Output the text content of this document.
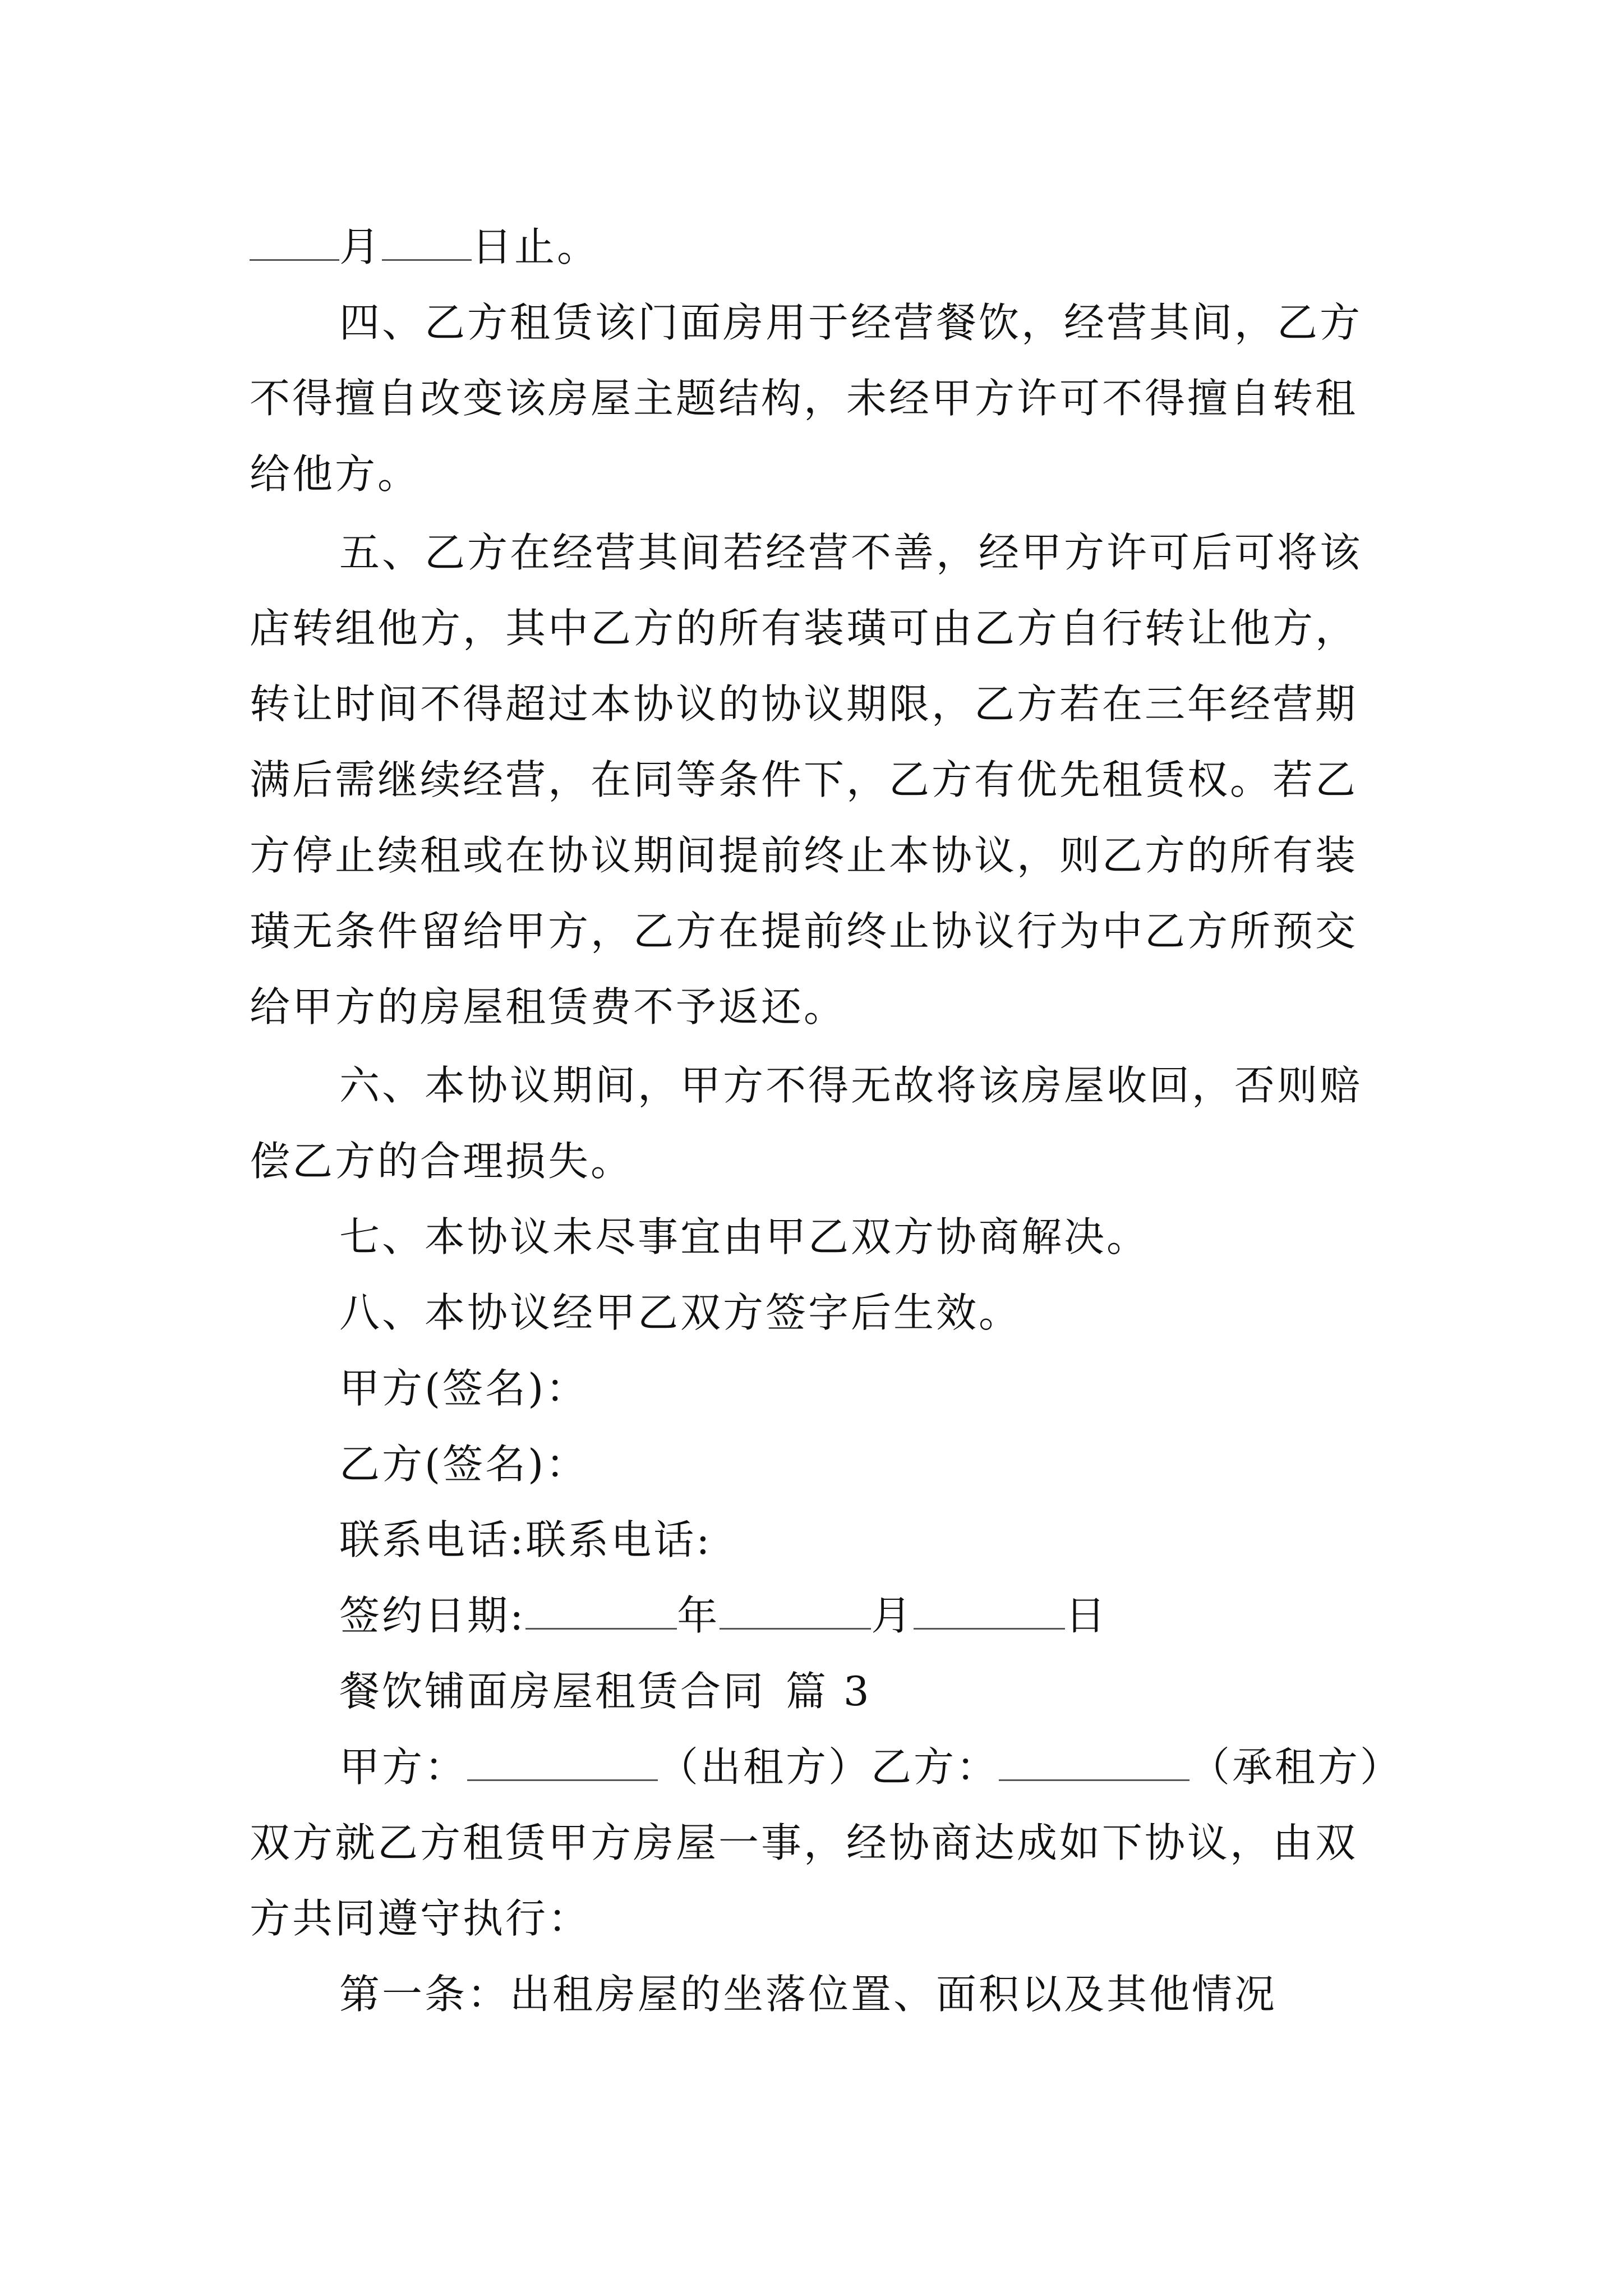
月 日止。
四、乙方租赁该门面房用于经营餐饮，经营其间，乙方
不得擅自改变该房屋主题结构，未经甲方许可不得擅自转租
给他方。
五、乙方在经营其间若经营不善，经甲方许可后可将该
店转组他方，其中乙方的所有装璜可由乙方自行转让他方，
转让时间不得超过本协议的协议期限，乙方若在三年经营期
满后需继续经营，在同等条件下，乙方有优先租赁权。若乙
方停止续租或在协议期间提前终止本协议，则乙方的所有装
璜无条件留给甲方，乙方在提前终止协议行为中乙方所预交
给甲方的房屋租赁费不予返还。
六、本协议期间，甲方不得无故将该房屋收回，否则赔
偿乙方的合理损失。
七、本协议未尽事宜由甲乙双方协商解决。
八、本协议经甲乙双方签字后生效。
甲方(签名)：
乙方(签名)：
联系电话:联系电话:
签约日期:	年	月	日
餐饮铺面房屋租赁合同 篇 3
甲方：	（出租方）乙方：	（承租方）
双方就乙方租赁甲方房屋一事，经协商达成如下协议，由双
方共同遵守执行：
第一条：出租房屋的坐落位置、面积以及其他情况
